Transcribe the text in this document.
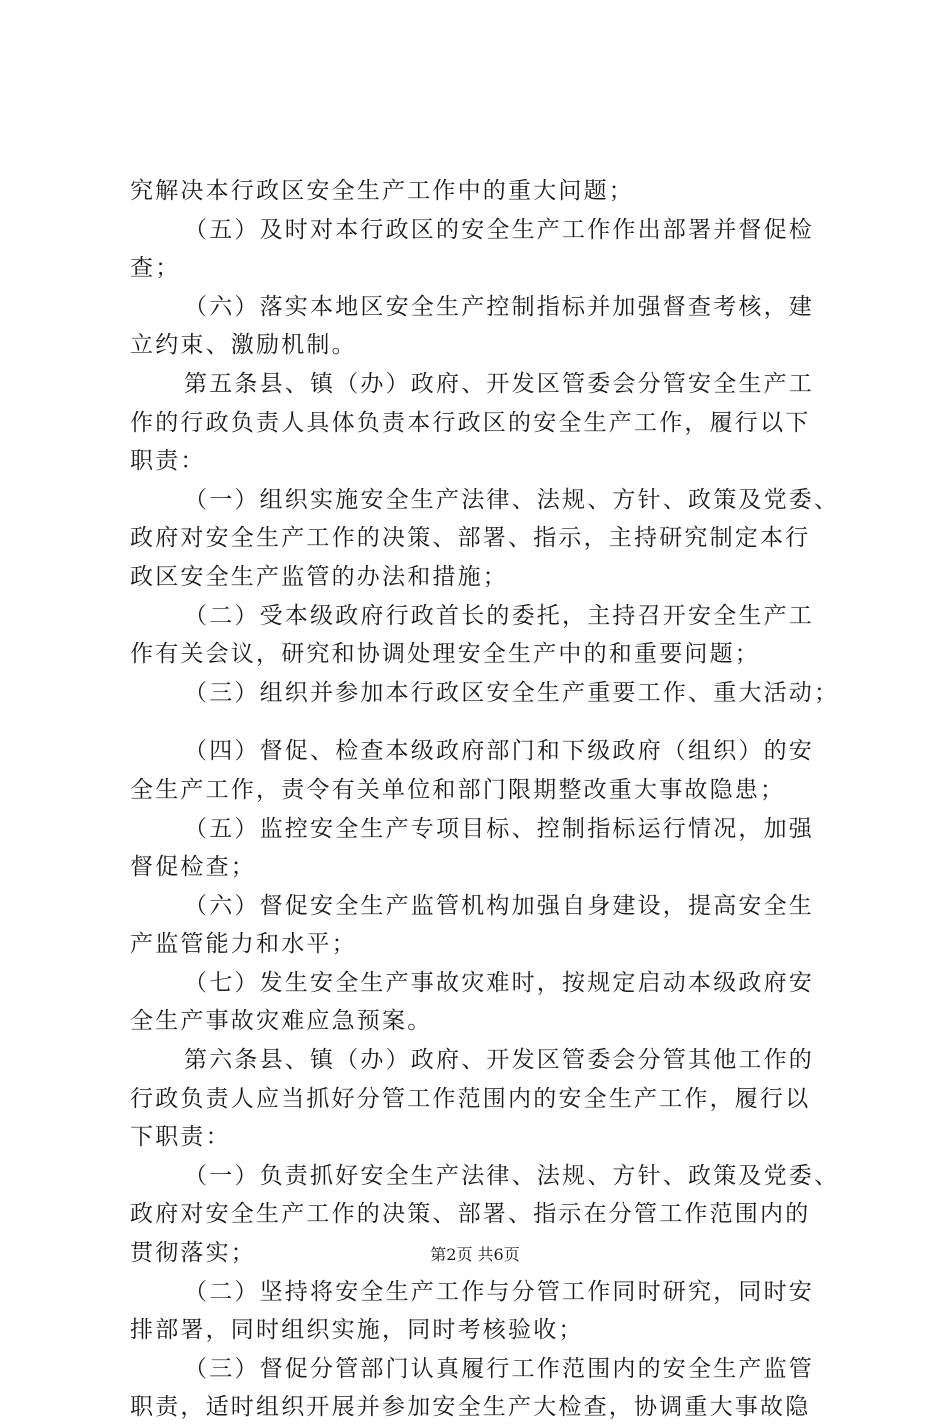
究解决本行政区安全生产工作中的重大问题；
（五）及时对本行政区的安全生产工作作出部署并督促检
查；
（六）落实本地区安全生产控制指标并加强督查考核，建
立约束、激励机制。
第五条县、镇（办）政府、开发区管委会分管安全生产工
作的行政负责人具体负责本行政区的安全生产工作，履行以下
职责：
（一）组织实施安全生产法律、法规、方针、政策及党委、
政府对安全生产工作的决策、部署、指示，主持研究制定本行
政区安全生产监管的办法和措施；
（二）受本级政府行政首长的委托，主持召开安全生产工
作有关会议，研究和协调处理安全生产中的和重要问题；
（三）组织并参加本行政区安全生产重要工作、重大活动；
（四）督促、检查本级政府部门和下级政府（组织）的安
全生产工作，责令有关单位和部门限期整改重大事故隐患；
（五）监控安全生产专项目标、控制指标运行情况，加强
督促检查；
（六）督促安全生产监管机构加强自身建设，提高安全生
产监管能力和水平；
（七）发生安全生产事故灾难时，按规定启动本级政府安
全生产事故灾难应急预案。
第六条县、镇（办）政府、开发区管委会分管其他工作的
行政负责人应当抓好分管工作范围内的安全生产工作，履行以
下职责：
（一）负责抓好安全生产法律、法规、方针、政策及党委、
政府对安全生产工作的决策、部署、指示在分管工作范围内的
贯彻落实；
（二）坚持将安全生产工作与分管工作同时研究，同时安
排部署，同时组织实施，同时考核验收；
（三）督促分管部门认真履行工作范围内的安全生产监管
职责，适时组织开展并参加安全生产大检查，协调重大事故隐
第2页 共6页
